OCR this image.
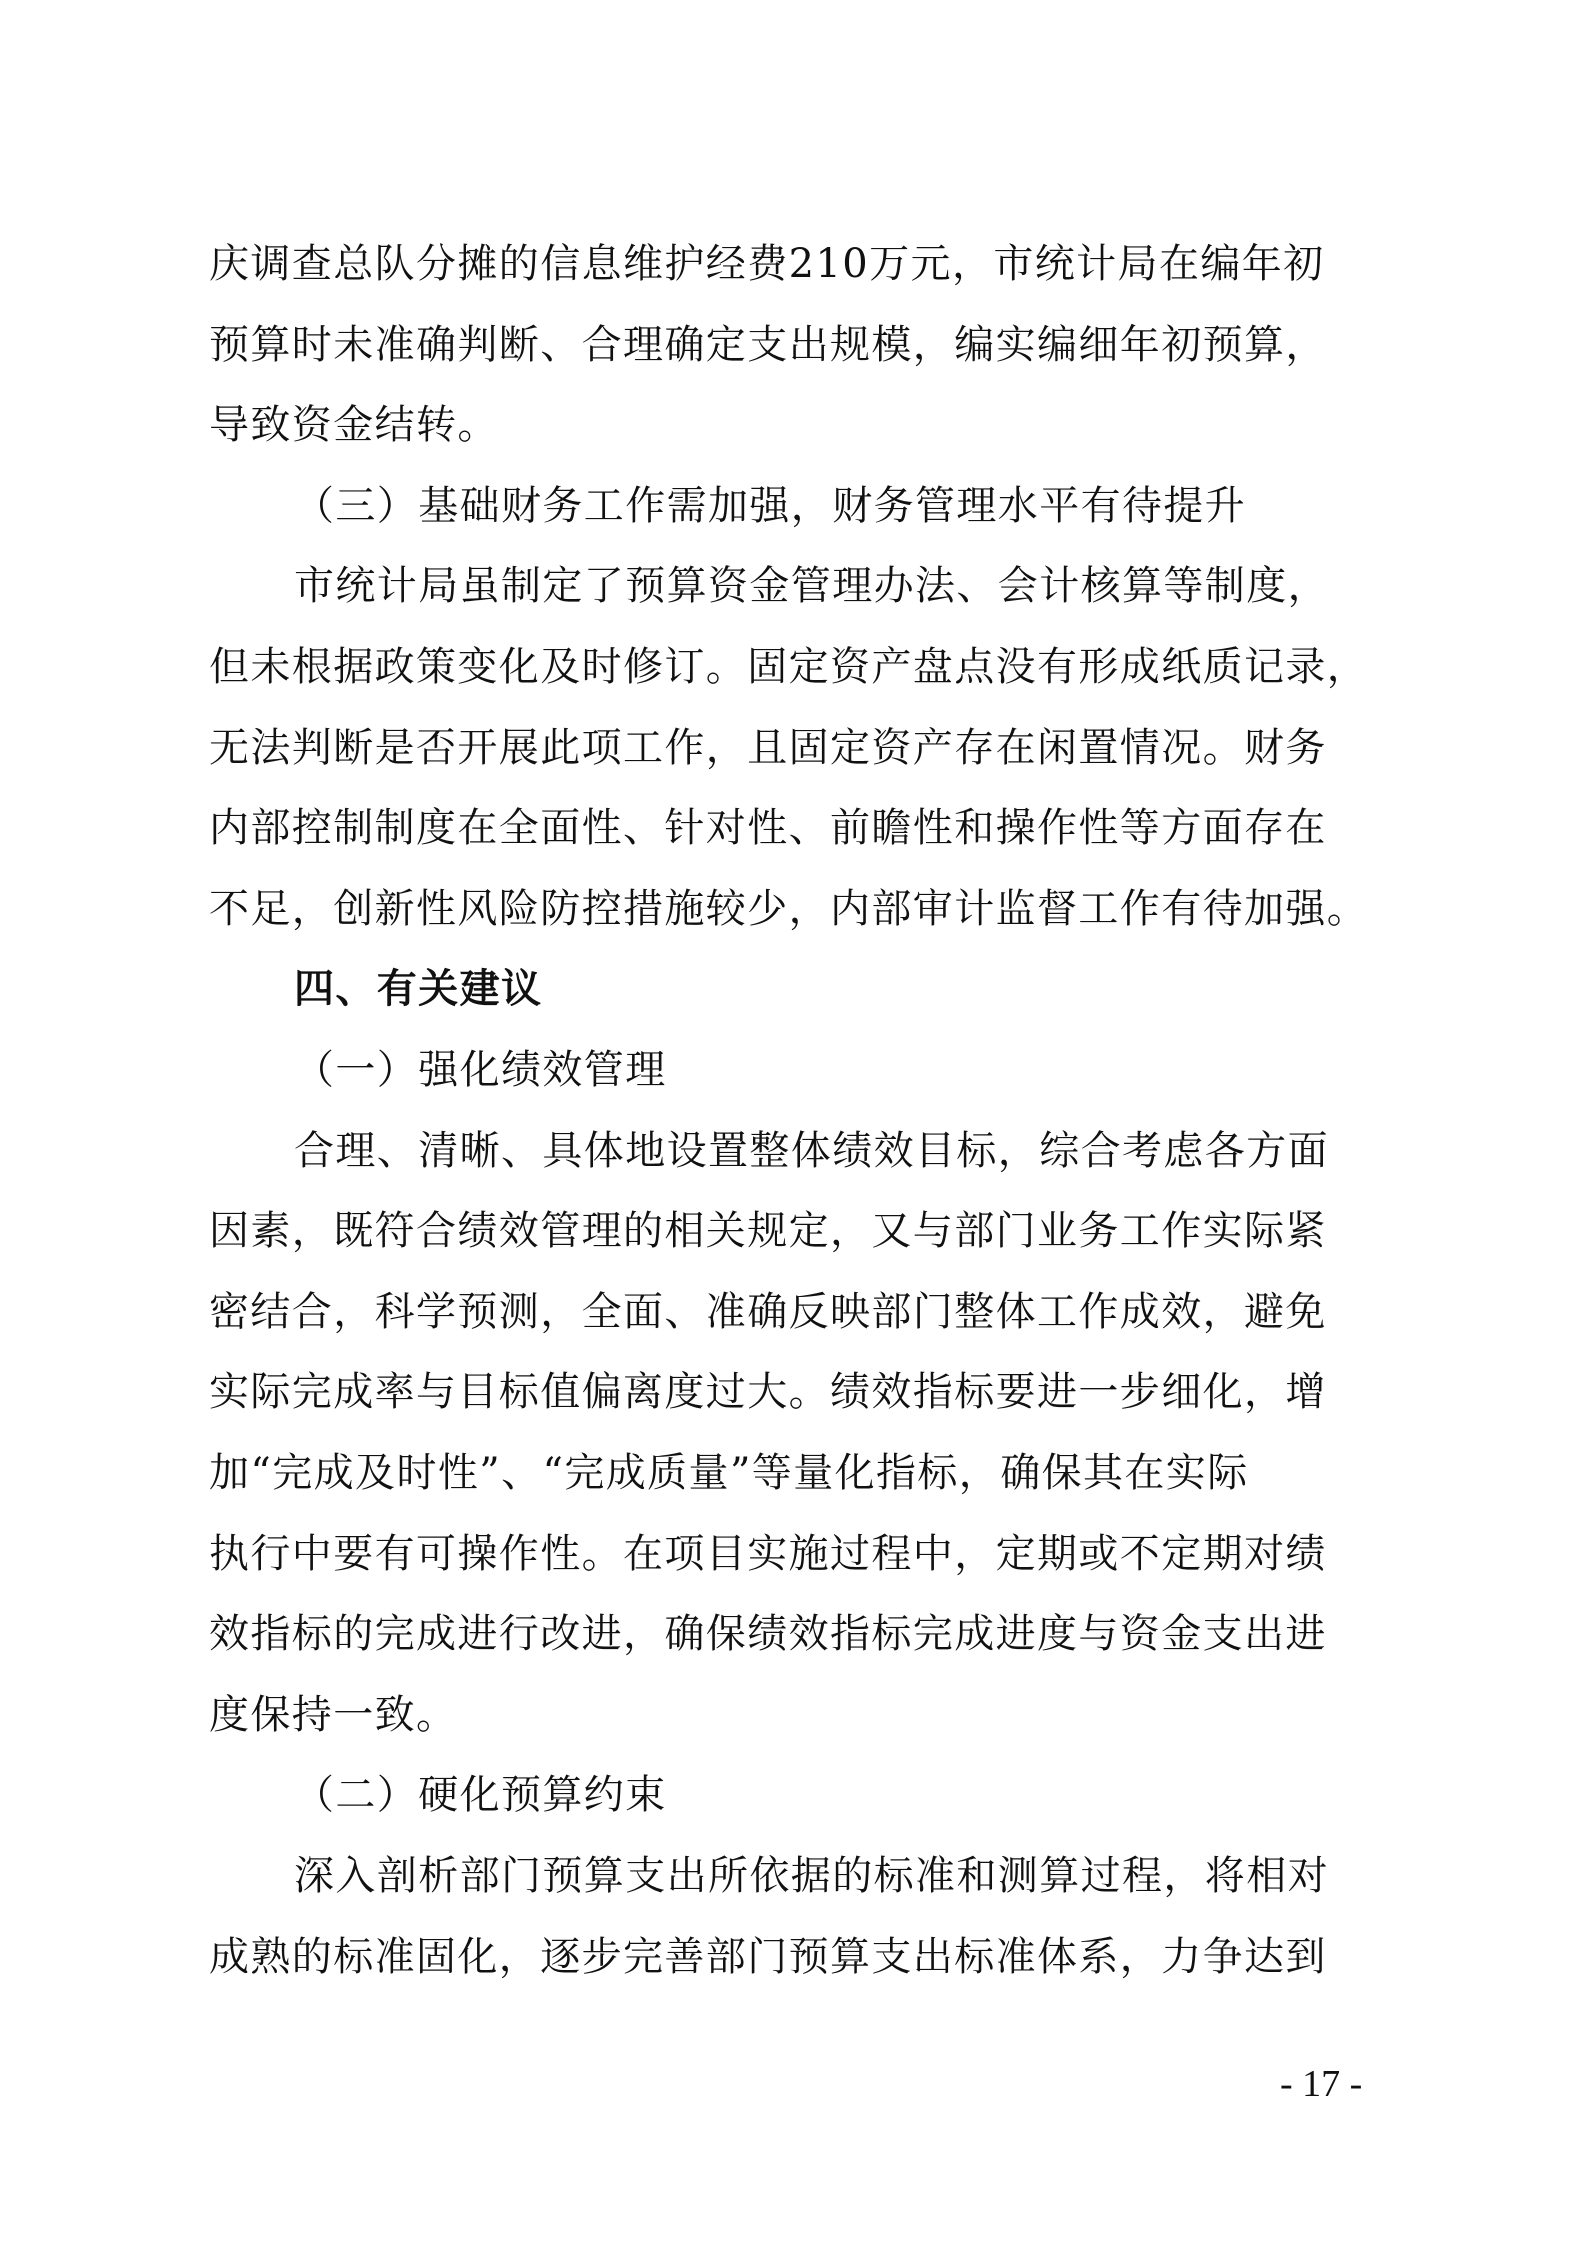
庆调查总队分摊的信息维护经费210万元，市统计局在编年初
预算时未准确判断、合理确定支出规模，编实编细年初预算，
导致资金结转。
（三）基础财务工作需加强，财务管理水平有待提升
市统计局虽制定了预算资金管理办法、会计核算等制度，
但未根据政策变化及时修订。固定资产盘点没有形成纸质记录，
无法判断是否开展此项工作，且固定资产存在闲置情况。财务
内部控制制度在全面性、针对性、前瞻性和操作性等方面存在
不足，创新性风险防控措施较少，内部审计监督工作有待加强。
四、有关建议
（一）强化绩效管理
合理、清晰、具体地设置整体绩效目标，综合考虑各方面
因素，既符合绩效管理的相关规定，又与部门业务工作实际紧
密结合，科学预测，全面、准确反映部门整体工作成效，避免
实际完成率与目标值偏离度过大。绩效指标要进一步细化，增
加“完成及时性”、“完成质量”等量化指标，确保其在实际
执行中要有可操作性。在项目实施过程中，定期或不定期对绩
效指标的完成进行改进，确保绩效指标完成进度与资金支出进
度保持一致。
（二）硬化预算约束
深入剖析部门预算支出所依据的标准和测算过程，将相对
成熟的标准固化，逐步完善部门预算支出标准体系，力争达到
- 17 -
